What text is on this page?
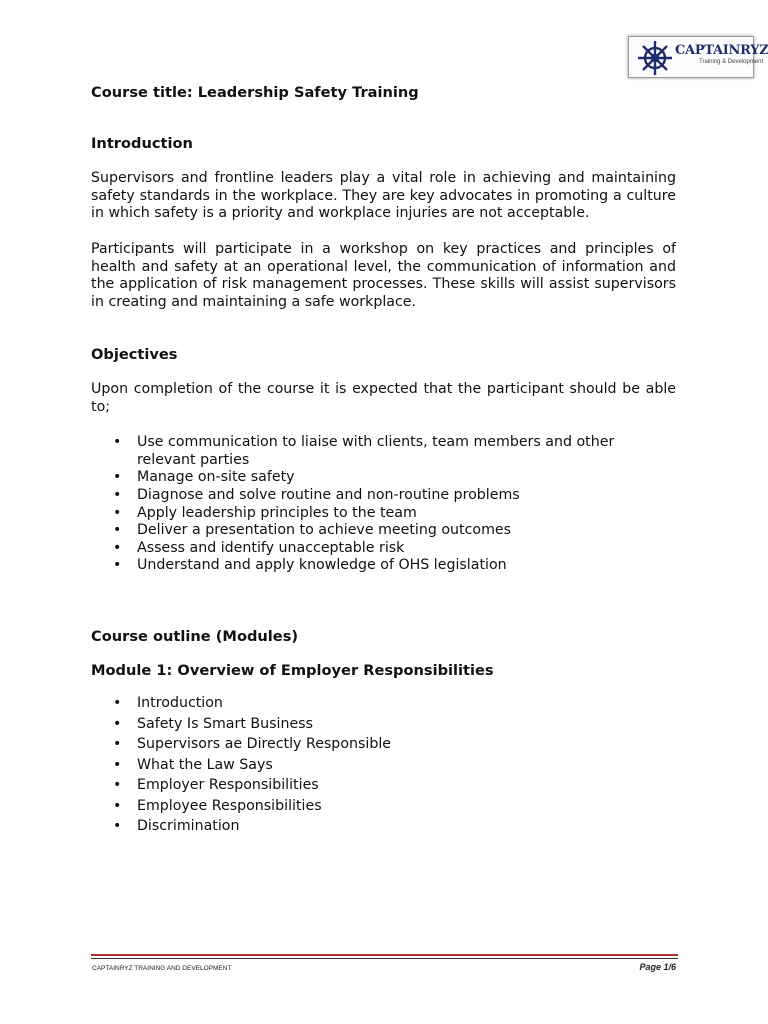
CAPTAINRYZ
Training & Development
Course title: Leadership Safety Training
Introduction

Supervisors and frontline leaders play a vital role in achieving and maintaining safety standards in the workplace. They are key advocates in promoting a culture in which safety is a priority and workplace injuries are not acceptable.

Participants will participate in a workshop on key practices and principles of health and safety at an operational level, the communication of information and the application of risk management processes. These skills will assist supervisors in creating and maintaining a safe workplace.

Objectives

Upon completion of the course it is expected that the participant should be able to;

• Use communication to liaise with clients, team members and other relevant parties
• Manage on-site safety
• Diagnose and solve routine and non-routine problems
• Apply leadership principles to the team
• Deliver a presentation to achieve meeting outcomes
• Assess and identify unacceptable risk
• Understand and apply knowledge of OHS legislation
Course outline (Modules)
Module 1: Overview of Employer Responsibilities
• Introduction
• Safety Is Smart Business
• Supervisors ae Directly Responsible
• What the Law Says
• Employer Responsibilities
• Employee Responsibilities
• Discrimination
CAPTAINRYZ TRAINING AND DEVELOPMENT	Page 1/6
